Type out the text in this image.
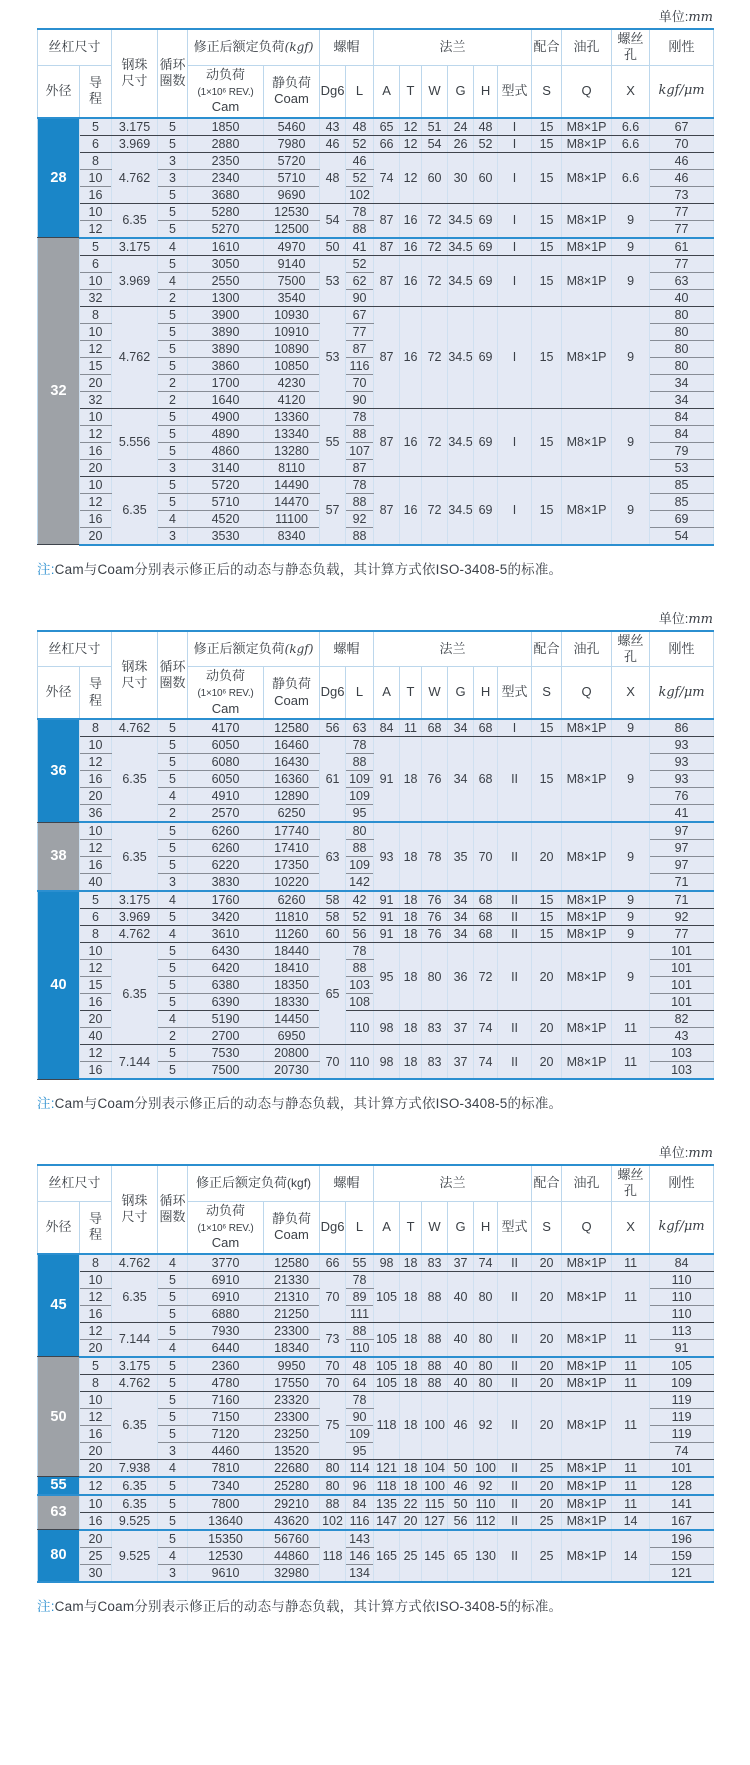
单位:mm
丝杠尺寸		钢珠
尺寸	循环
圈数	修正后额定负荷(kgf)		螺帽		法兰						配合	油孔	螺丝孔	刚性
外径	导
程			动负荷
(1×10⁶ REV.)
Cam	静负荷
Coam	Dg6	L	A	T	W	G	H	型式	S	Q	X	kgf/μm
28	5	3.175	5	1850	5460	43	48	65	12	51	24	48	I	15	M8×1P	6.6	67
	6	3.969	5	2880	7980	46	52	66	12	54	26	52	I	15	M8×1P	6.6	70
	8	4.762	3	2350	5720	48	46	74	12	60	30	60	I	15	M8×1P	6.6	46
	10		3	2340	5710		52										46
	16		5	3680	9690		102										73
	10	6.35	5	5280	12530	54	78	87	16	72	34.5	69	I	15	M8×1P	9	77
	12		5	5270	12500		88										77
32	5	3.175	4	1610	4970	50	41	87	16	72	34.5	69	I	15	M8×1P	9	61
	6	3.969	5	3050	9140	53	52	87	16	72	34.5	69	I	15	M8×1P	9	77
	10		4	2550	7500		62										63
	32		2	1300	3540		90										40
	8	4.762	5	3900	10930	53	67	87	16	72	34.5	69	I	15	M8×1P	9	80
	10		5	3890	10910		77										80
	12		5	3890	10890		87										80
	15		5	3860	10850		116										80
	20		2	1700	4230		70										34
	32		2	1640	4120		90										34
	10	5.556	5	4900	13360	55	78	87	16	72	34.5	69	I	15	M8×1P	9	84
	12		5	4890	13340		88										84
	16		5	4860	13280		107										79
	20		3	3140	8110		87										53
	10	6.35	5	5720	14490	57	78	87	16	72	34.5	69	I	15	M8×1P	9	85
	12		5	5710	14470		88										85
	16		4	4520	11100		92										69
	20		3	3530	8340		88										54

注:Cam与Coam分别表示修正后的动态与静态负载，其计算方式依ISO-3408-5的标准。

单位:mm
丝杠尺寸		钢珠
尺寸	循环
圈数	修正后额定负荷(kgf)		螺帽		法兰						配合	油孔	螺丝孔	刚性
外径	导
程			动负荷
(1×10⁶ REV.)
Cam	静负荷
Coam	Dg6	L	A	T	W	G	H	型式	S	Q	X	kgf/μm
36	8	4.762	5	4170	12580	56	63	84	11	68	34	68	I	15	M8×1P	9	86
	10	6.35	5	6050	16460	61	78	91	18	76	34	68	II	15	M8×1P	9	93
	12		5	6080	16430		88										93
	16		5	6050	16360		109										93
	20		4	4910	12890		109										76
	36		2	2570	6250		95										41
38	10	6.35	5	6260	17740	63	80	93	18	78	35	70	II	20	M8×1P	9	97
	12		5	6260	17410		88										97
	16		5	6220	17350		109										97
	40		3	3830	10220		142										71
40	5	3.175	4	1760	6260	58	42	91	18	76	34	68	II	15	M8×1P	9	71
	6	3.969	5	3420	11810	58	52	91	18	76	34	68	II	15	M8×1P	9	92
	8	4.762	4	3610	11260	60	56	91	18	76	34	68	II	15	M8×1P	9	77
	10	6.35	5	6430	18440	65	78	95	18	80	36	72	II	20	M8×1P	9	101
	12		5	6420	18410		88										101
	15		5	6380	18350		103										101
	16		5	6390	18330		108										101
	20		4	5190	14450		110	98	18	83	37	74	II	20	M8×1P	11	82
	40		2	2700	6950												43
	12	7.144	5	7530	20800	70	110	98	18	83	37	74	II	20	M8×1P	11	103
	16		5	7500	20730												103

注:Cam与Coam分别表示修正后的动态与静态负载，其计算方式依ISO-3408-5的标准。

单位:mm
丝杠尺寸		钢珠
尺寸	循环
圈数	修正后额定负荷(kgf)		螺帽		法兰						配合	油孔	螺丝孔	刚性
外径	导
程			动负荷
(1×10⁶ REV.)
Cam	静负荷
Coam	Dg6	L	A	T	W	G	H	型式	S	Q	X	kgf/μm
45	8	4.762	4	3770	12580	66	55	98	18	83	37	74	II	20	M8×1P	11	84
	10	6.35	5	6910	21330	70	78	105	18	88	40	80	II	20	M8×1P	11	110
	12		5	6910	21310		89										110
	16		5	6880	21250		111										110
	12	7.144	5	7930	23300	73	88	105	18	88	40	80	II	20	M8×1P	11	113
	20		4	6440	18340		110										91
50	5	3.175	5	2360	9950	70	48	105	18	88	40	80	II	20	M8×1P	11	105
	8	4.762	5	4780	17550	70	64	105	18	88	40	80	II	20	M8×1P	11	109
	10	6.35	5	7160	23320	75	78	118	18	100	46	92	II	20	M8×1P	11	119
	12		5	7150	23300		90										119
	16		5	7120	23250		109										119
	20		3	4460	13520		95										74
	20	7.938	4	7810	22680	80	114	121	18	104	50	100	II	25	M8×1P	11	101
55	12	6.35	5	7340	25280	80	96	118	18	100	46	92	II	20	M8×1P	11	128
63	10	6.35	5	7800	29210	88	84	135	22	115	50	110	II	20	M8×1P	11	141
	16	9.525	5	13640	43620	102	116	147	20	127	56	112	II	25	M8×1P	14	167
80	20	9.525	5	15350	56760	118	143	165	25	145	65	130	II	25	M8×1P	14	196
	25		4	12530	44860		146										159
	30		3	9610	32980		134										121

注:Cam与Coam分别表示修正后的动态与静态负载，其计算方式依ISO-3408-5的标准。
